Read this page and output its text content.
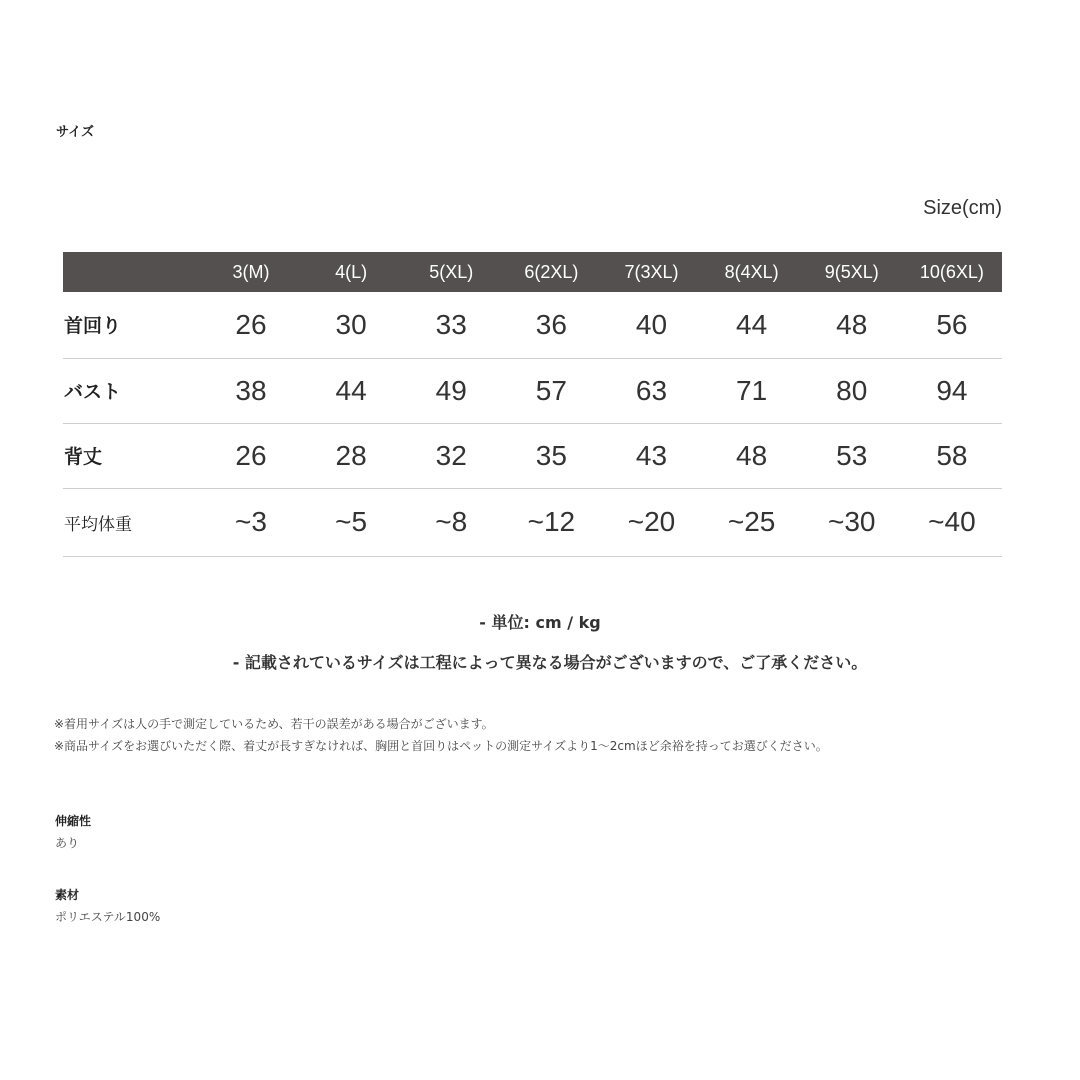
サイズ
Size(cm)
	3(M)	4(L)	5(XL)	6(2XL)	7(3XL)	8(4XL)	9(5XL)	10(6XL)
首回り	26	30	33	36	40	44	48	56
バスト	38	44	49	57	63	71	80	94
背丈	26	28	32	35	43	48	53	58
平均体重	~3	~5	~8	~12	~20	~25	~30	~40
- 単位: cm / kg
- 記載されているサイズは工程によって異なる場合がございますので、ご了承ください。
※着用サイズは人の手で測定しているため、若干の誤差がある場合がございます。
※商品サイズをお選びいただく際、着丈が長すぎなければ、胸囲と首回りはペットの測定サイズより1〜2cmほど余裕を持ってお選びください。
伸縮性
あり
素材
ポリエステル100%
